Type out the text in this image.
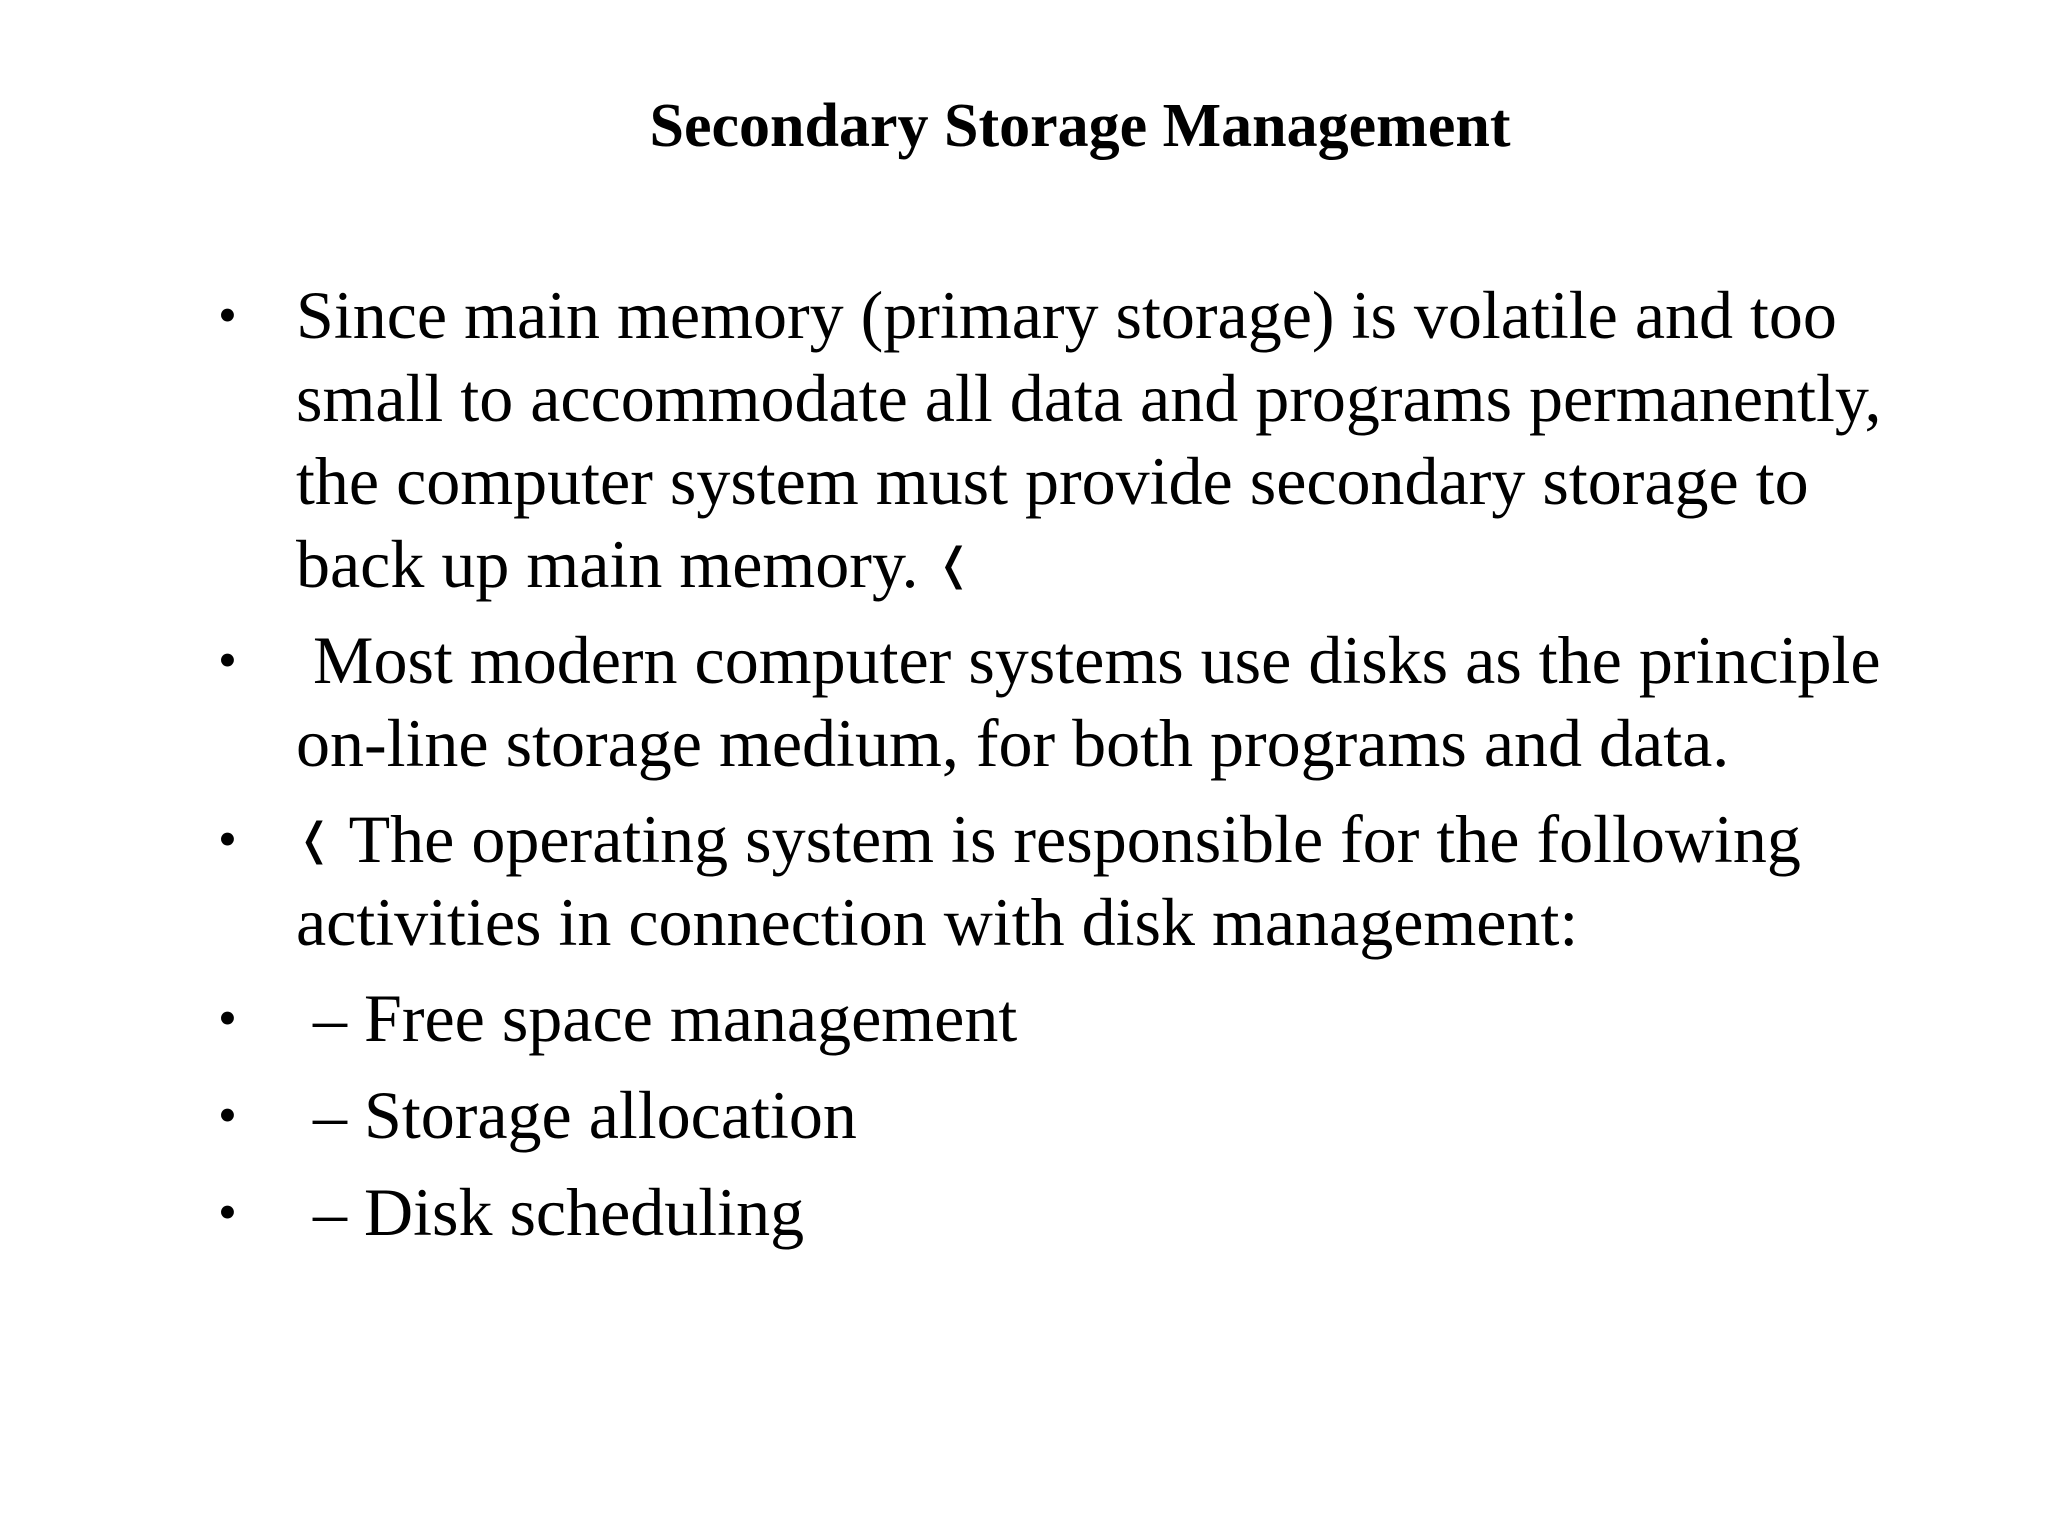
Secondary Storage Management
• Since main memory (primary storage) is volatile and too small to accommodate all data and programs permanently, the computer system must provide secondary storage to back up main memory. ❬
• Most modern computer systems use disks as the principle on-line storage medium, for both programs and data.
• ❬ The operating system is responsible for the following activities in connection with disk management:
• – Free space management
• – Storage allocation
• – Disk scheduling
